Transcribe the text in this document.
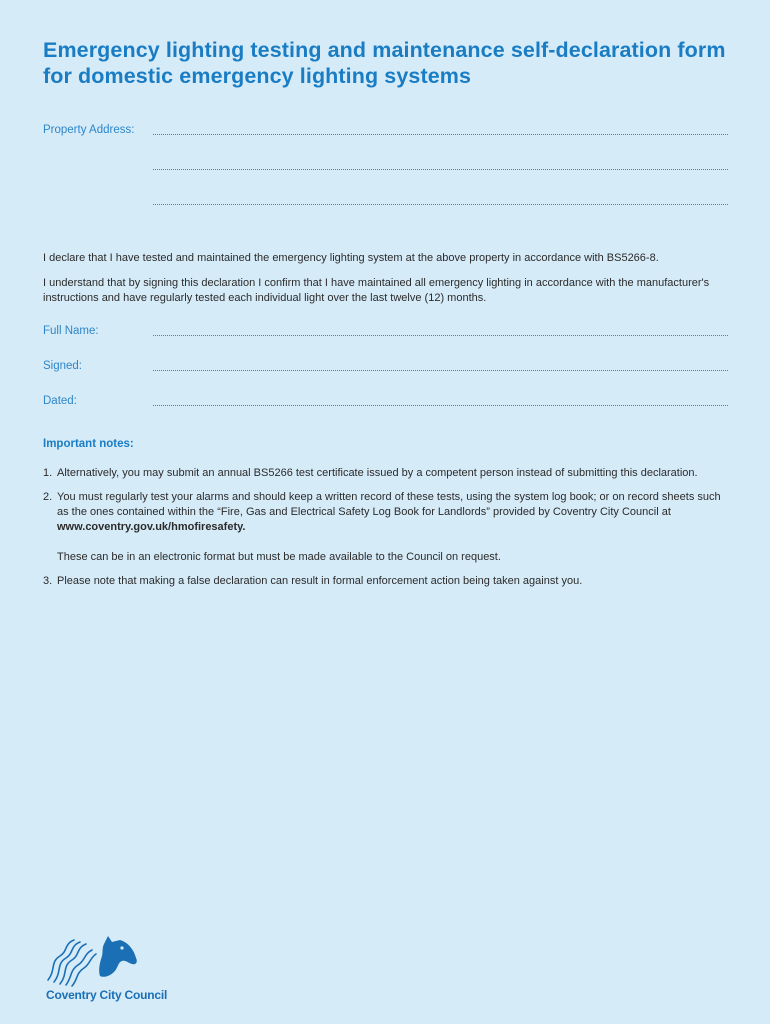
Emergency lighting testing and maintenance self-declaration form for domestic emergency lighting systems
Property Address:

I declare that I have tested and maintained the emergency lighting system at the above property in accordance with BS5266-8.

I understand that by signing this declaration I confirm that I have maintained all emergency lighting in accordance with the manufacturer's instructions and have regularly tested each individual light over the last twelve (12) months.

Full Name:
Signed:
Dated:
Important notes:
1. Alternatively, you may submit an annual BS5266 test certificate issued by a competent person instead of submitting this declaration.

2. You must regularly test your alarms and should keep a written record of these tests, using the system log book; or on record sheets such as the ones contained within the “Fire, Gas and Electrical Safety Log Book for Landlords” provided by Coventry City Council at www.coventry.gov.uk/hmofiresafety.

These can be in an electronic format but must be made available to the Council on request.

3. Please note that making a false declaration can result in formal enforcement action being taken against you.

Coventry City Council
